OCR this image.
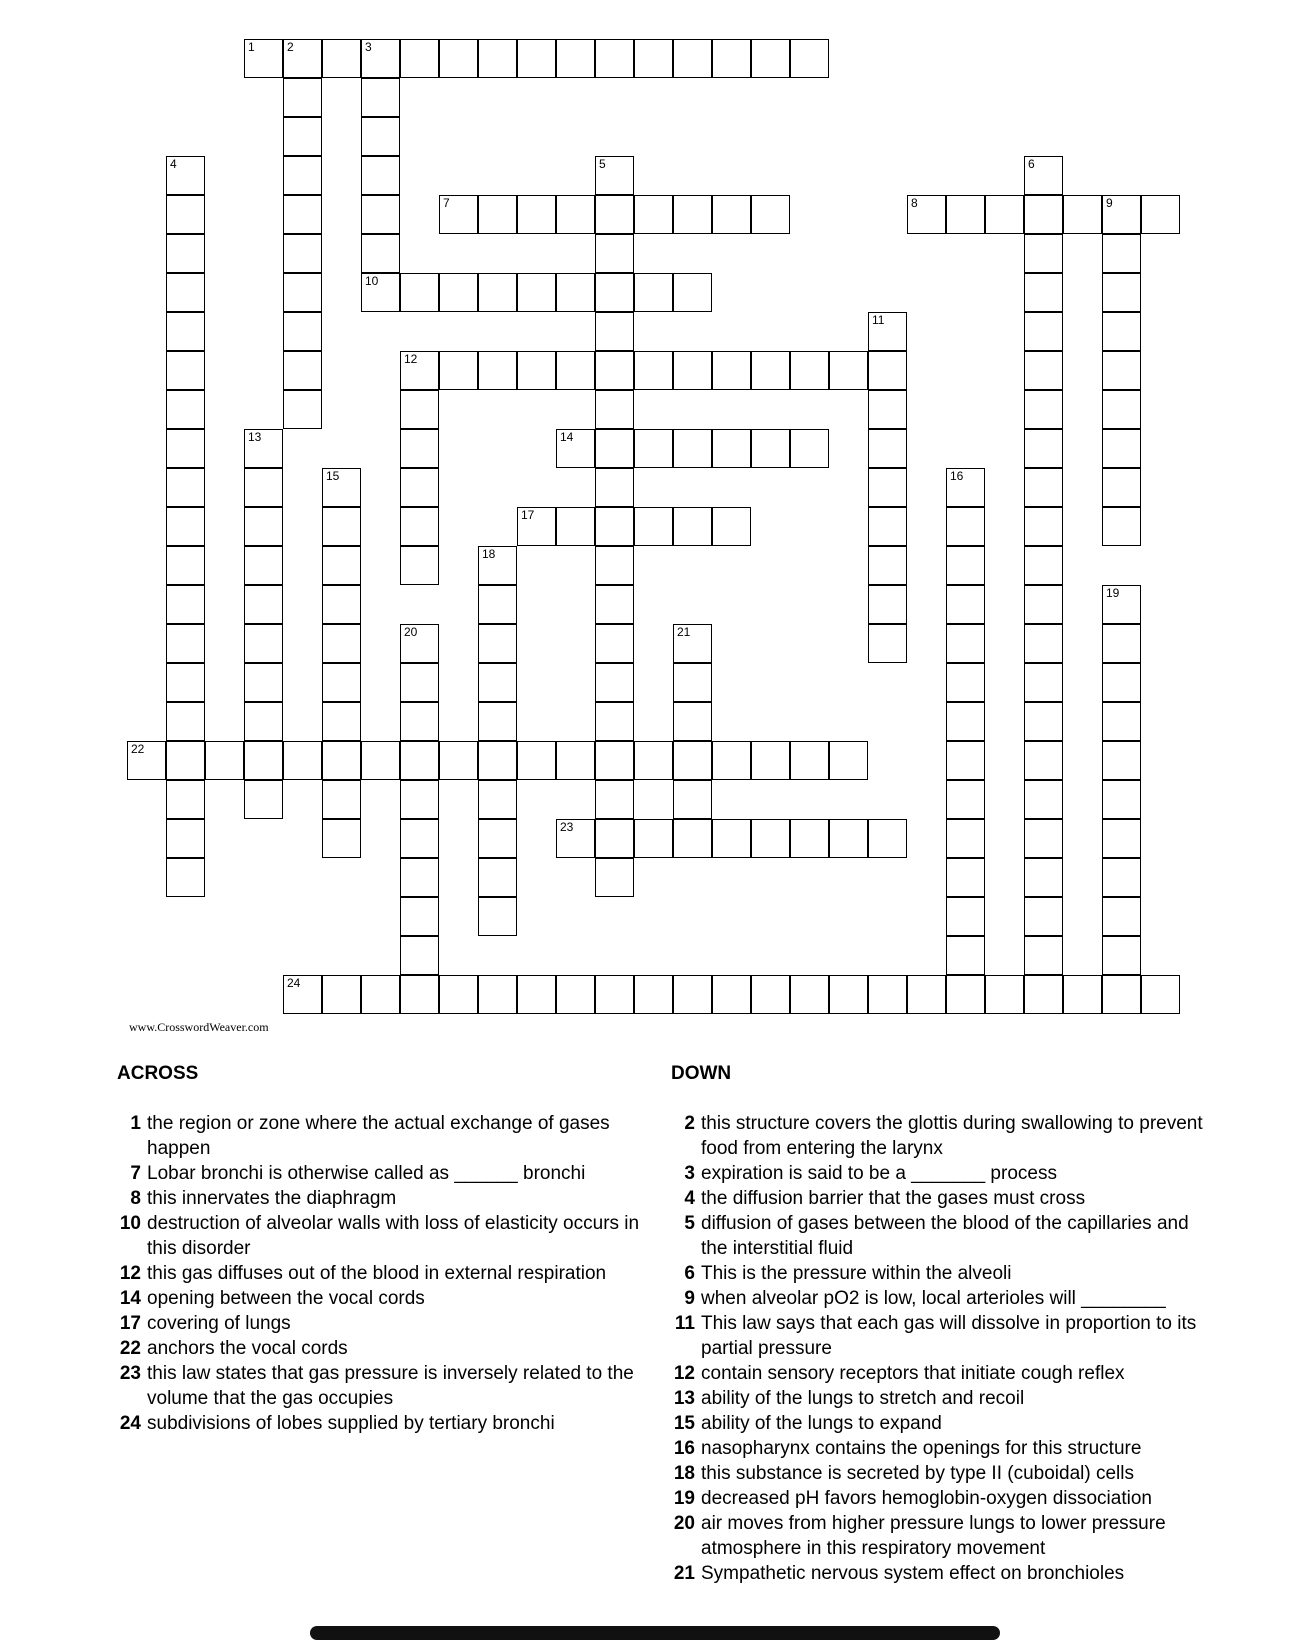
1	2	3
7	8	9
10
12
14
17
22
23
24
4	5	6
11
13
15	16
18
19
20	21
www.CrosswordWeaver.com
ACROSS	DOWN
1 the region or zone where the actual exchange of gases happen
7 Lobar bronchi is otherwise called as ______ bronchi
8 this innervates the diaphragm
10 destruction of alveolar walls with loss of elasticity occurs in this disorder
12 this gas diffuses out of the blood in external respiration
14 opening between the vocal cords
17 covering of lungs
22 anchors the vocal cords
23 this law states that gas pressure is inversely related to the volume that the gas occupies
24 subdivisions of lobes supplied by tertiary bronchi
2 this structure covers the glottis during swallowing to prevent food from entering the larynx
3 expiration is said to be a _______ process
4 the diffusion barrier that the gases must cross
5 diffusion of gases between the blood of the capillaries and the interstitial fluid
6 This is the pressure within the alveoli
9 when alveolar pO2 is low, local arterioles will ________
11 This law says that each gas will dissolve in proportion to its partial pressure
12 contain sensory receptors that initiate cough reflex
13 ability of the lungs to stretch and recoil
15 ability of the lungs to expand
16 nasopharynx contains the openings for this structure
18 this substance is secreted by type II (cuboidal) cells
19 decreased pH favors hemoglobin-oxygen dissociation
20 air moves from higher pressure lungs to lower pressure atmosphere in this respiratory movement
21 Sympathetic nervous system effect on bronchioles
